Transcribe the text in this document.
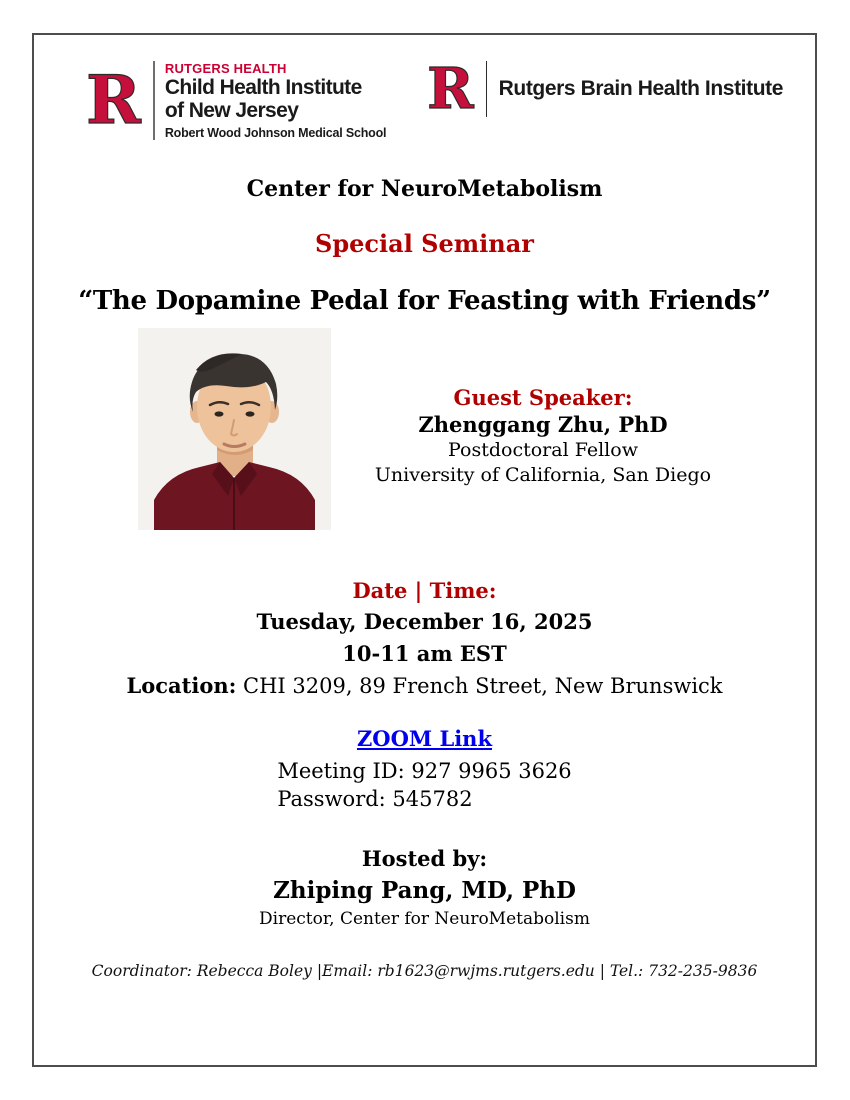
R RUTGERS HEALTH
Child Health Institute
of New Jersey
Robert Wood Johnson Medical School
R Rutgers Brain Health Institute
Center for NeuroMetabolism
Special Seminar
“The Dopamine Pedal for Feasting with Friends”
Guest Speaker:
Zhenggang Zhu, PhD
Postdoctoral Fellow
University of California, San Diego
Date | Time:
Tuesday, December 16, 2025
10-11 am EST
Location: CHI 3209, 89 French Street, New Brunswick
ZOOM Link
Meeting ID: 927 9965 3626
Password: 545782
Hosted by:
Zhiping Pang, MD, PhD
Director, Center for NeuroMetabolism
Coordinator: Rebecca Boley |Email: rb1623@rwjms.rutgers.edu | Tel.: 732-235-9836
